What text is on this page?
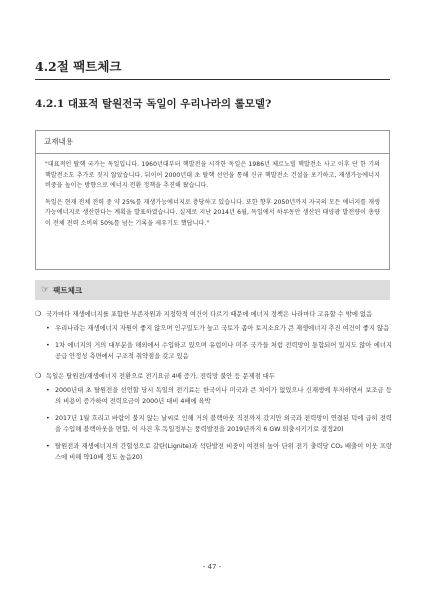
4.2절 팩트체크
4.2.1 대표적 탈원전국 독일이 우리나라의 롤모델?
교재내용

"대표적인 탈핵 국가는 독일입니다. 1960년대부터 핵발전을 시작한 독일은 1986년 체르노빌 핵발전소 사고 이후 단 한 기의 핵발전소도 추가로 짓지 않았습니다. 뒤이어 2000년대 초 탈핵 선언을 통해 신규 핵발전소 건설을 포기하고, 재생가능에너지 비중을 높이는 방향으로 에너지 전환 정책을 추진해 왔습니다.

독일은 현재 전체 전력 중 약 25%를 재생가능에너지로 충당하고 있습니다. 또한 향후 2050년까지 자국의 모든 에너지를 재생가능에너지로 생산한다는 계획을 발표하였습니다. 실제로 지난 2014년 6월, 독일에서 하루동안 생산된 태양광 발전량이 총량이 전체 전력 소비의 50%를 넘는 기록을 세우기도 했답니다."

☞ 팩트체크
❍ 국가마다 재생에너지를 포함한 부존자원과 지정학적 여건이 다르기 때문에 에너지 정책은 나라마다 고유할 수 밖에 없음
• 우리나라는 재생에너지 자원이 좋지 않으며 인구밀도가 높고 국토가 좁아 토지소요가 큰 재생에너지 추진 여건이 좋지 않음
• 1차 에너지의 거의 대부분을 해외에서 수입하고 있으며 유럽이나 미주 국가들 처럼 전력망이 통합되어 있지도 않아 에너지 공급 안정성 측면에서 구조적 취약점을 갖고 있음
❍ 독일은 탈원전/재생에너지 전환으로 전기요금 4배 증가, 전력망 불안 등 문제점 대두
• 2000년대 초 탈원전을 선언할 당시 독일의 전기료는 한국이나 미국과 큰 차이가 없었으나 신재생에 투자하면서 보조금 등의 비용이 증가하여 전력요금이 2000년 대비 4배에 육박
• 2017년 1월 흐리고 바람이 불지 않는 날씨로 인해 거의 블랙아웃 직전까지 갔지만 외국과 전력망이 연결된 덕에 급히 전력을 수입해 블랙아웃을 면함, 이 사건 후 독일정부는 풍력발전을 2019년까지 6 GW 퇴출시키기로 결정20)
• 탈원전과 재생에너지의 간헐성으로 갈탄(Lignite)과 석탄발전 비중이 여전히 높아 단위 전기 출력당 CO₂ 배출이 이웃 프랑스에 비해 약10배 정도 높음20)
- 47 -
